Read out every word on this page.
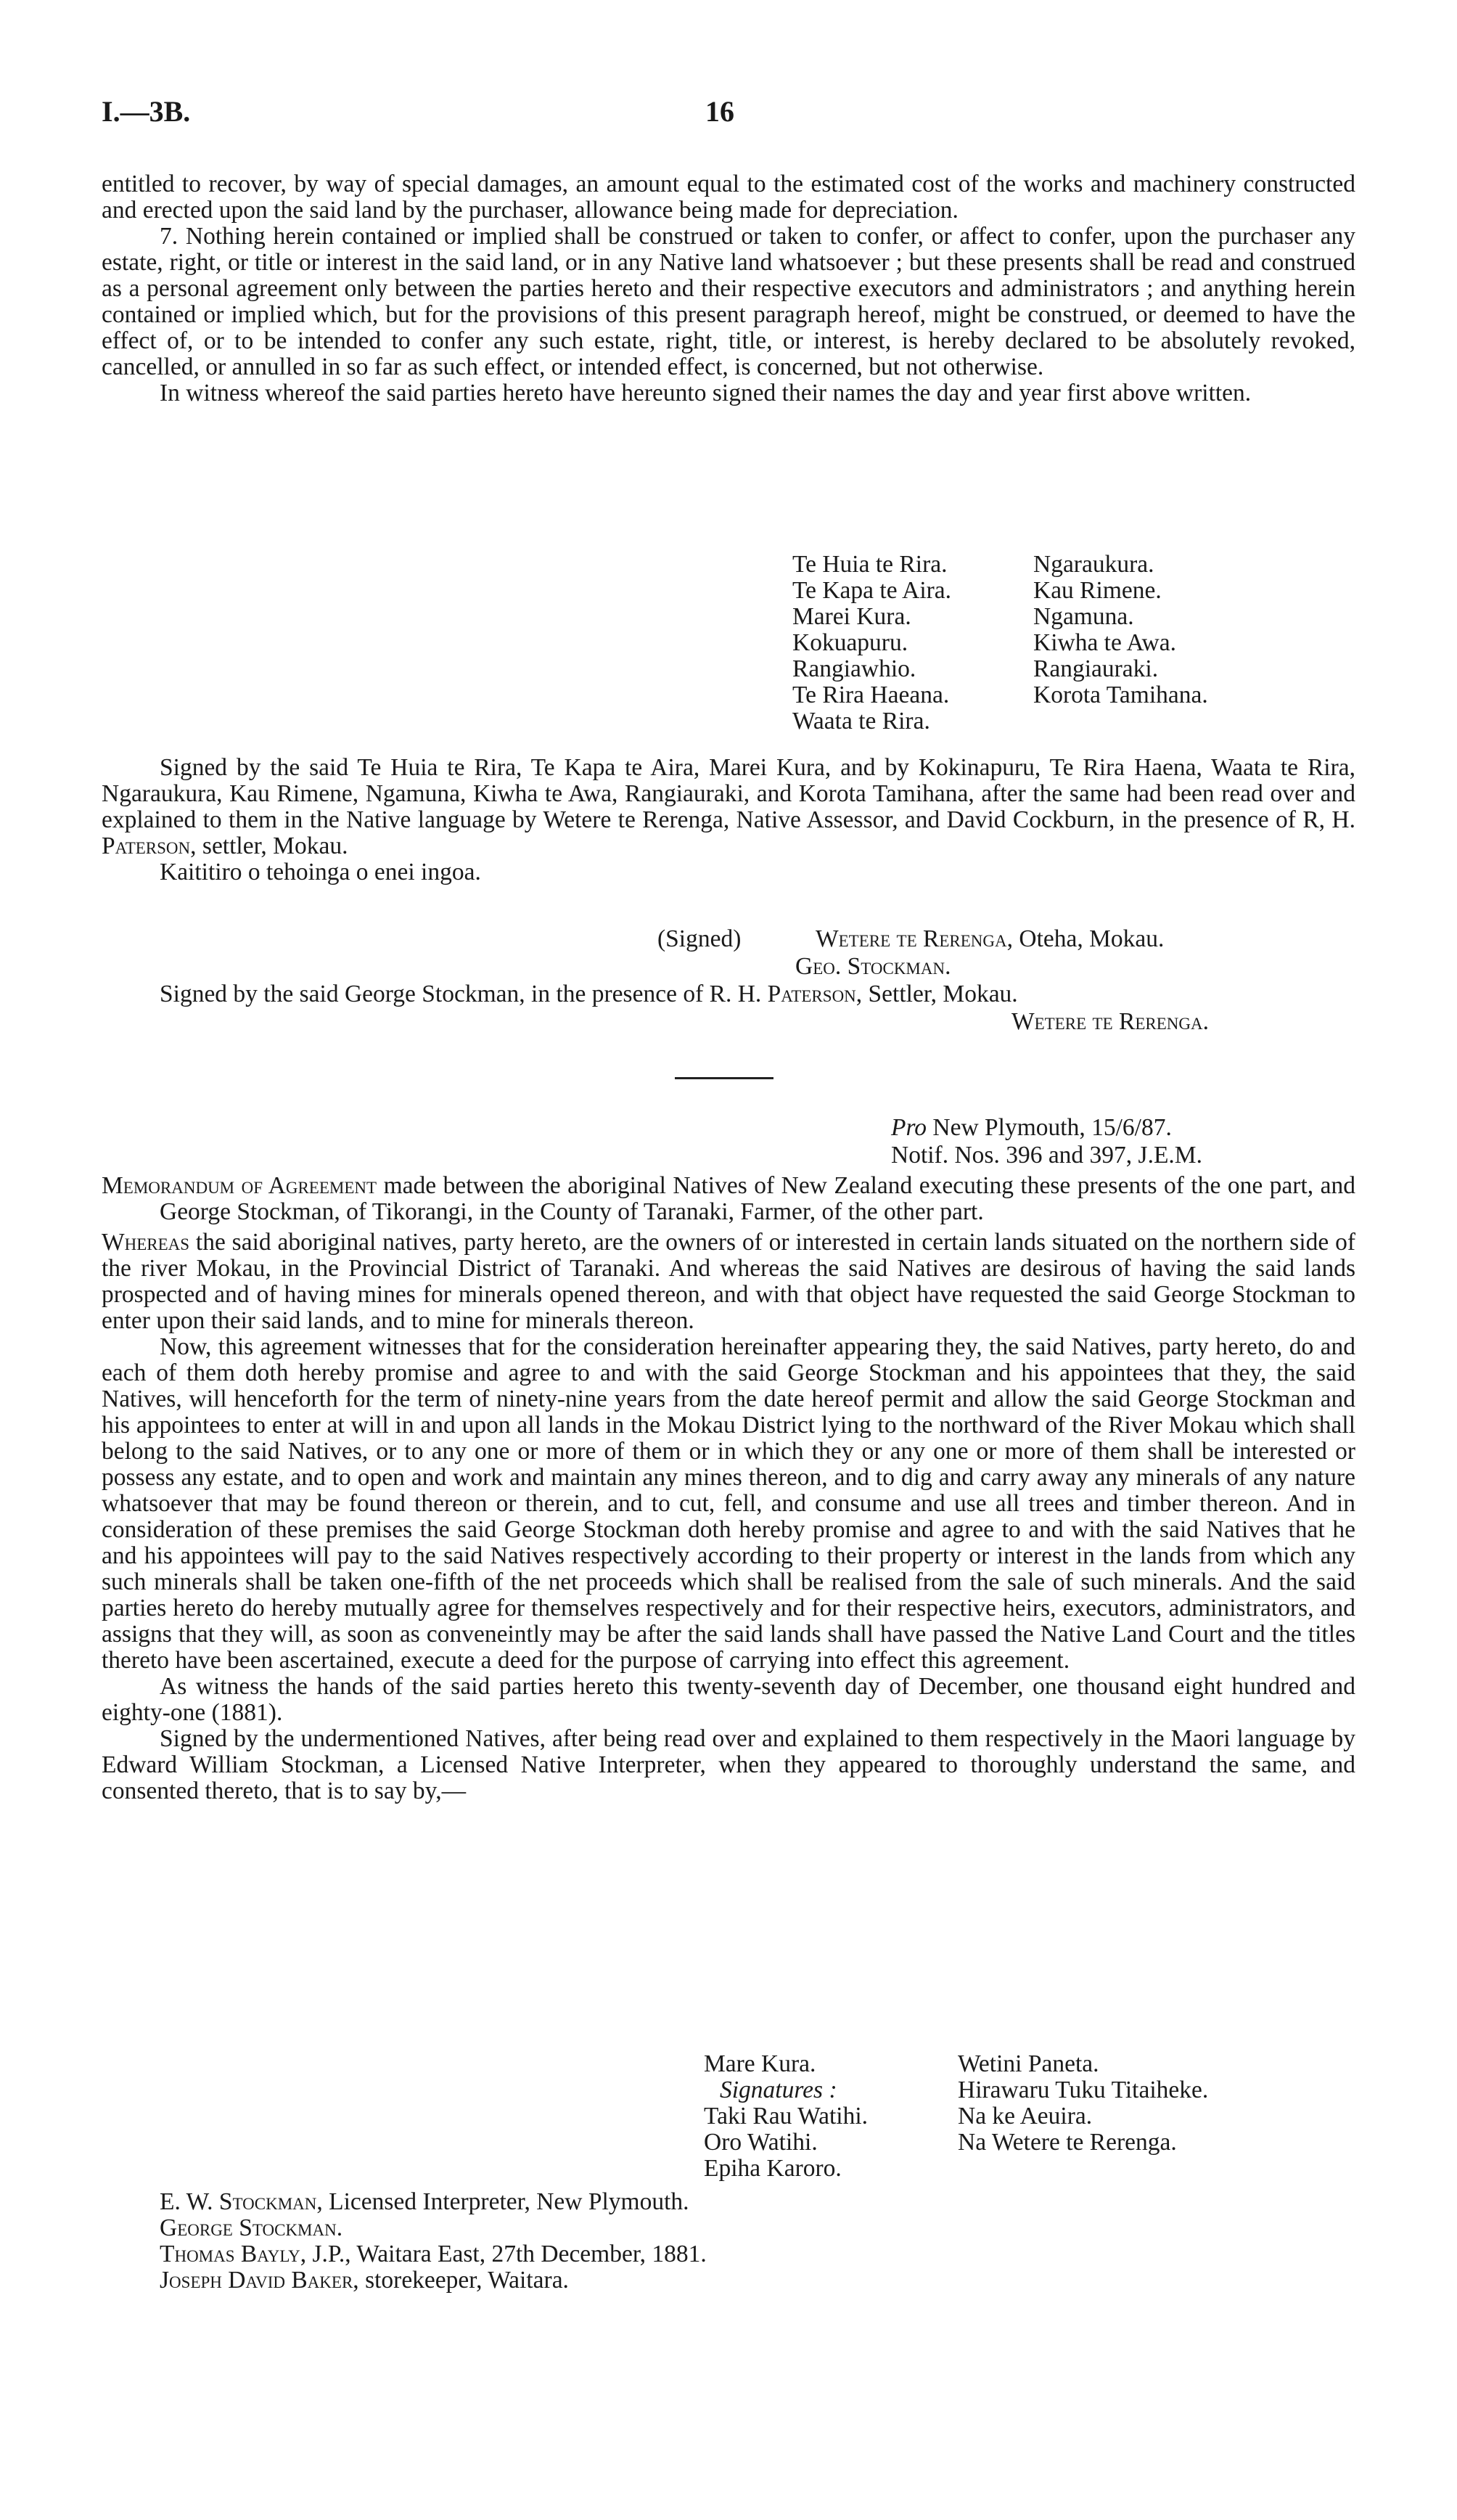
I.—3B.	16

entitled to recover, by way of special damages, an amount equal to the estimated cost of the works and machinery constructed and erected upon the said land by the purchaser, allowance being made for depreciation.

7. Nothing herein contained or implied shall be construed or taken to confer, or affect to confer, upon the purchaser any estate, right, or title or interest in the said land, or in any Native land whatsoever ; but these presents shall be read and construed as a personal agreement only between the parties hereto and their respective executors and administrators ; and anything herein contained or implied which, but for the provisions of this present paragraph hereof, might be construed, or deemed to have the effect of, or to be intended to confer any such estate, right, title, or interest, is hereby declared to be absolutely revoked, cancelled, or annulled in so far as such effect, or intended effect, is concerned, but not otherwise.

In witness whereof the said parties hereto have hereunto signed their names the day and year first above written.

Te Huia te Rira.
Te Kapa te Aira.
Marei Kura.
Kokuapuru.
Rangiawhio.
Te Rira Haeana.
Waata te Rira.
Ngaraukura.
Kau Rimene.
Ngamuna.
Kiwha te Awa.
Rangiauraki.
Korota Tamihana.

Signed by the said Te Huia te Rira, Te Kapa te Aira, Marei Kura, and by Kokinapuru, Te Rira Haena, Waata te Rira, Ngaraukura, Kau Rimene, Ngamuna, Kiwha te Awa, Rangiauraki, and Korota Tamihana, after the same had been read over and explained to them in the Native language by Wetere te Rerenga, Native Assessor, and David Cockburn, in the presence of R, H. Paterson, settler, Mokau.

Kaititiro o tehoinga o enei ingoa.

(Signed)	Wetere te Rerenga, Oteha, Mokau.
Geo. Stockman.
Signed by the said George Stockman, in the presence of R. H. Paterson, Settler, Mokau.
Wetere te Rerenga.
Pro New Plymouth, 15/6/87.
Notif. Nos. 396 and 397, J.E.M.

Memorandum of Agreement made between the aboriginal Natives of New Zealand executing these presents of the one part, and George Stockman, of Tikorangi, in the County of Taranaki, Farmer, of the other part.

Whereas the said aboriginal natives, party hereto, are the owners of or interested in certain lands situated on the northern side of the river Mokau, in the Provincial District of Taranaki. And whereas the said Natives are desirous of having the said lands prospected and of having mines for minerals opened thereon, and with that object have requested the said George Stockman to enter upon their said lands, and to mine for minerals thereon.

Now, this agreement witnesses that for the consideration hereinafter appearing they, the said Natives, party hereto, do and each of them doth hereby promise and agree to and with the said George Stockman and his appointees that they, the said Natives, will henceforth for the term of ninety-nine years from the date hereof permit and allow the said George Stockman and his appointees to enter at will in and upon all lands in the Mokau District lying to the northward of the River Mokau which shall belong to the said Natives, or to any one or more of them or in which they or any one or more of them shall be interested or possess any estate, and to open and work and maintain any mines thereon, and to dig and carry away any minerals of any nature whatsoever that may be found thereon or therein, and to cut, fell, and consume and use all trees and timber thereon. And in consideration of these premises the said George Stockman doth hereby promise and agree to and with the said Natives that he and his appointees will pay to the said Natives respectively according to their property or interest in the lands from which any such minerals shall be taken one-fifth of the net proceeds which shall be realised from the sale of such minerals. And the said parties hereto do hereby mutually agree for themselves respectively and for their respective heirs, executors, administrators, and assigns that they will, as soon as conveneintly may be after the said lands shall have passed the Native Land Court and the titles thereto have been ascertained, execute a deed for the purpose of carrying into effect this agreement.

As witness the hands of the said parties hereto this twenty-seventh day of December, one thousand eight hundred and eighty-one (1881).

Signed by the undermentioned Natives, after being read over and explained to them respectively in the Maori language by Edward William Stockman, a Licensed Native Interpreter, when they appeared to thoroughly understand the same, and consented thereto, that is to say by,—

Mare Kura.
Signatures :
Taki Rau Watihi.
Oro Watihi.
Epiha Karoro.
Wetini Paneta.
Hirawaru Tuku Titaiheke.
Na ke Aeuira.
Na Wetere te Rerenga.
E. W. Stockman, Licensed Interpreter, New Plymouth.
George Stockman.
Thomas Bayly, J.P., Waitara East, 27th December, 1881.
Joseph David Baker, storekeeper, Waitara.
